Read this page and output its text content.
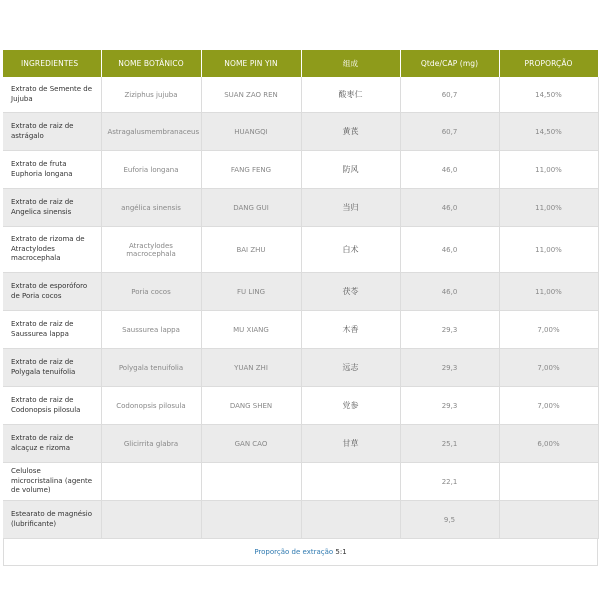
INGREDIENTES	NOME BOTÂNICO	NOME PIN YIN	组成	Qtde/CAP (mg)	PROPORÇÃO
Extrato de Semente de Jujuba	Ziziphus jujuba	SUAN ZAO REN	酸枣仁	60,7	14,50%
Extrato de raiz de astrágalo	Astragalusmembranaceus	HUANGQI	黄芪	60,7	14,50%
Extrato de fruta Euphoria longana	Euforia longana	FANG FENG	防风	46,0	11,00%
Extrato de raiz de Angelica sinensis	angélica sinensis	DANG GUI	当归	46,0	11,00%
Extrato de rizoma de Atractylodes macrocephala	Atractylodes macrocephala	BAI ZHU	白术	46,0	11,00%
Extrato de esporóforo de Poria cocos	Poria cocos	FU LING	茯苓	46,0	11,00%
Extrato de raiz de Saussurea lappa	Saussurea lappa	MU XIANG	木香	29,3	7,00%
Extrato de raiz de Polygala tenuifolia	Polygala tenuifolia	YUAN ZHI	远志	29,3	7,00%
Extrato de raiz de Codonopsis pilosula	Codonopsis pilosula	DANG SHEN	党参	29,3	7,00%
Extrato de raiz de alcaçuz e rizoma	Glicirrita glabra	GAN CAO	甘草	25,1	6,00%
Celulose microcristalina (agente de volume)				22,1	
Estearato de magnésio (lubrificante)				9,5	
Proporção de extração 5:1
